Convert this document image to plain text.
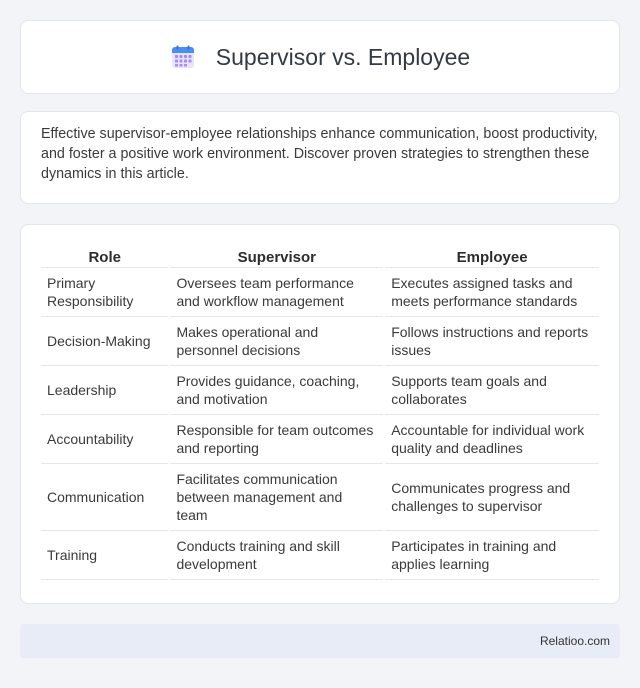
Supervisor vs. Employee

Effective supervisor-employee relationships enhance communication, boost productivity, and foster a positive work environment. Discover proven strategies to strengthen these dynamics in this article.

Role	Supervisor	Employee
Primary Responsibility	Oversees team performance and workflow management	Executes assigned tasks and meets performance standards
Decision-Making	Makes operational and personnel decisions	Follows instructions and reports issues
Leadership	Provides guidance, coaching, and motivation	Supports team goals and collaborates
Accountability	Responsible for team outcomes and reporting	Accountable for individual work quality and deadlines
Communication	Facilitates communication between management and team	Communicates progress and challenges to supervisor
Training	Conducts training and skill development	Participates in training and applies learning
Relatioo.com
